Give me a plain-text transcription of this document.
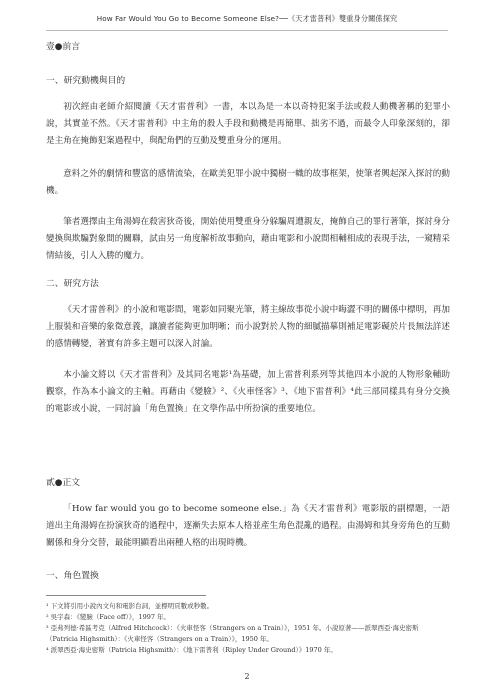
How Far Would You Go to Become Someone Else?──《天才雷普利》雙重身分關係探究
壹●前言
一、研究動機與目的
初次經由老師介紹閱讀《天才雷普利》一書，本以為是一本以奇特犯案手法或殺人動機著稱的犯罪小說，其實並不然。《天才雷普利》中主角的殺人手段和動機是再簡單、拙劣不過，而最令人印象深刻的，卻是主角在掩飾犯案過程中，與配角們的互動及雙重身分的運用。
意料之外的劇情和豐富的感情流染，在歐美犯罪小說中獨樹一幟的故事框架，使筆者興起深入探討的動機。
筆者選擇由主角湯姆在殺害狄奇後，開始使用雙重身分躲騙周遭親友，掩飾自己的罪行著筆，探討身分變換與欺騙對象間的關聯，試由另一角度解析故事動向，藉由電影和小說間相輔相成的表現手法，一窺精采情結後，引人入勝的魔力。
二、研究方法
《天才雷普利》的小說和電影間，電影如同聚光筆，將主線故事從小說中晦澀不明的關係中標明，再加上服裝和音樂的象徵意義，讓讀者能夠更加明晰；而小說對於人物的細膩描摹則補足電影礙於片長無法詳述的感情轉變，著實有許多主題可以深入討論。
本小論文將以《天才雷普利》及其同名電影¹為基礎，加上雷普利系列等其他四本小說的人物形象輔助觀察，作為本小論文的主軸。再藉由《變臉》²、《火車怪客》³、《地下雷普利》⁴此三部同樣具有身分交換的電影或小說，一同討論「角色置換」在文學作品中所扮演的重要地位。
貳●正文
「How far would you go to become someone else.」為《天才雷普利》電影版的副標題，一語道出主角湯姆在扮演狄奇的過程中，逐漸失去原本人格並產生角色混亂的過程。由湯姆和其身旁角色的互動關係和身分交替，最能明顯看出兩種人格的出現時機。
一、角色置換
¹ 下文將引用小說內文句和電影台詞，並標明頁數或秒數。
² 吳宇森：《變臉（Face off）》，1997 年。
³ 亞弗列德·希區考克（Alfred Hitchcock）：《火車怪客（Strangers on a Train）》，1951 年。小說原著——派翠西亞·海史密斯（Patricia Highsmith）：《火車怪客（Strangers on a Train）》，1950 年。
⁴ 派翠西亞·海史密斯（Patricia Highsmith）：《地下雷普利（Ripley Under Ground）》1970 年。
2
